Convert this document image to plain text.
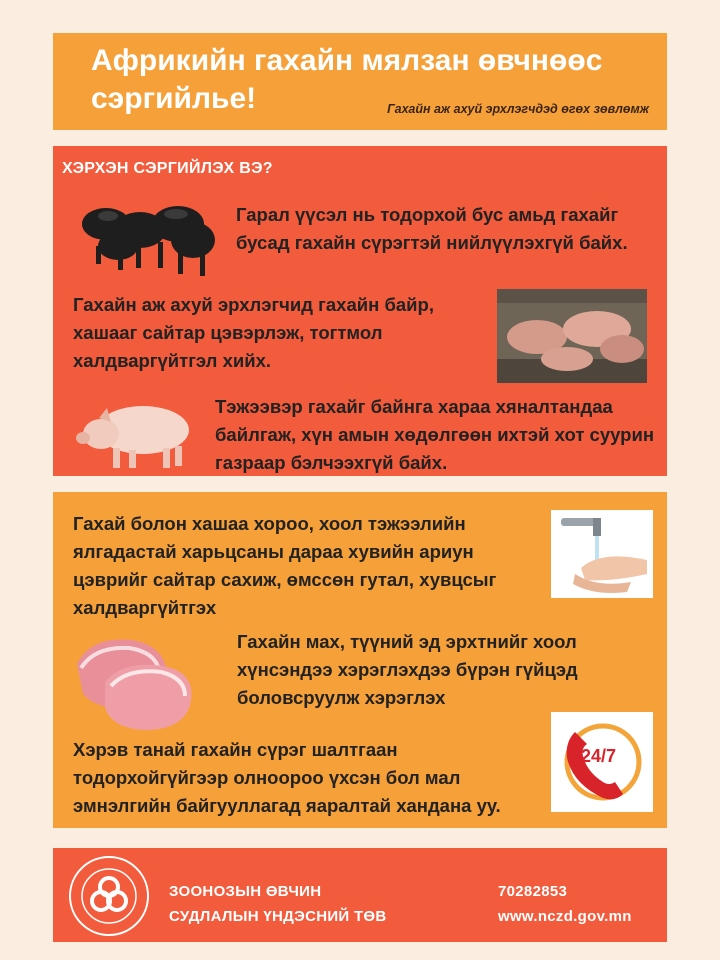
Африкийн гахайн мялзан өвчнөөс сэргийлье!	Гахайн аж ахуй эрхлэгчдэд өгөх зөвлөмж
ХЭРХЭН СЭРГИЙЛЭХ ВЭ?
Гарал үүсэл нь тодорхой бус амьд гахайг бусад гахайн сүрэгтэй нийлүүлэхгүй байх.
Гахайн аж ахуй эрхлэгчид гахайн байр, хашааг сайтар цэвэрлэж, тогтмол халдваргүйтгэл хийх.
Тэжээвэр гахайг байнга хараа хяналтандаа байлгаж, хүн амын хөдөлгөөн ихтэй хот суурин газраар бэлчээхгүй байх.
Гахай болон хашаа хороо, хоол тэжээлийн ялгадастай харьцсаны дараа хувийн ариун цэврийг сайтар сахиж, өмссөн гутал, хувцсыг халдваргүйтгэх
Гахайн мах, түүний эд эрхтнийг хоол хүнсэндээ хэрэглэхдээ бүрэн гүйцэд боловсруулж хэрэглэх
Хэрэв танай гахайн сүрэг шалтгаан тодорхойгүйгээр олноороо үхсэн бол мал эмнэлгийн байгууллагад яаралтай хандана уу.
24/7
ЗООНОЗЫН ӨВЧИН
СУДЛАЛЫН ҮНДЭСНИЙ ТӨВ
70282853
www.nczd.gov.mn
